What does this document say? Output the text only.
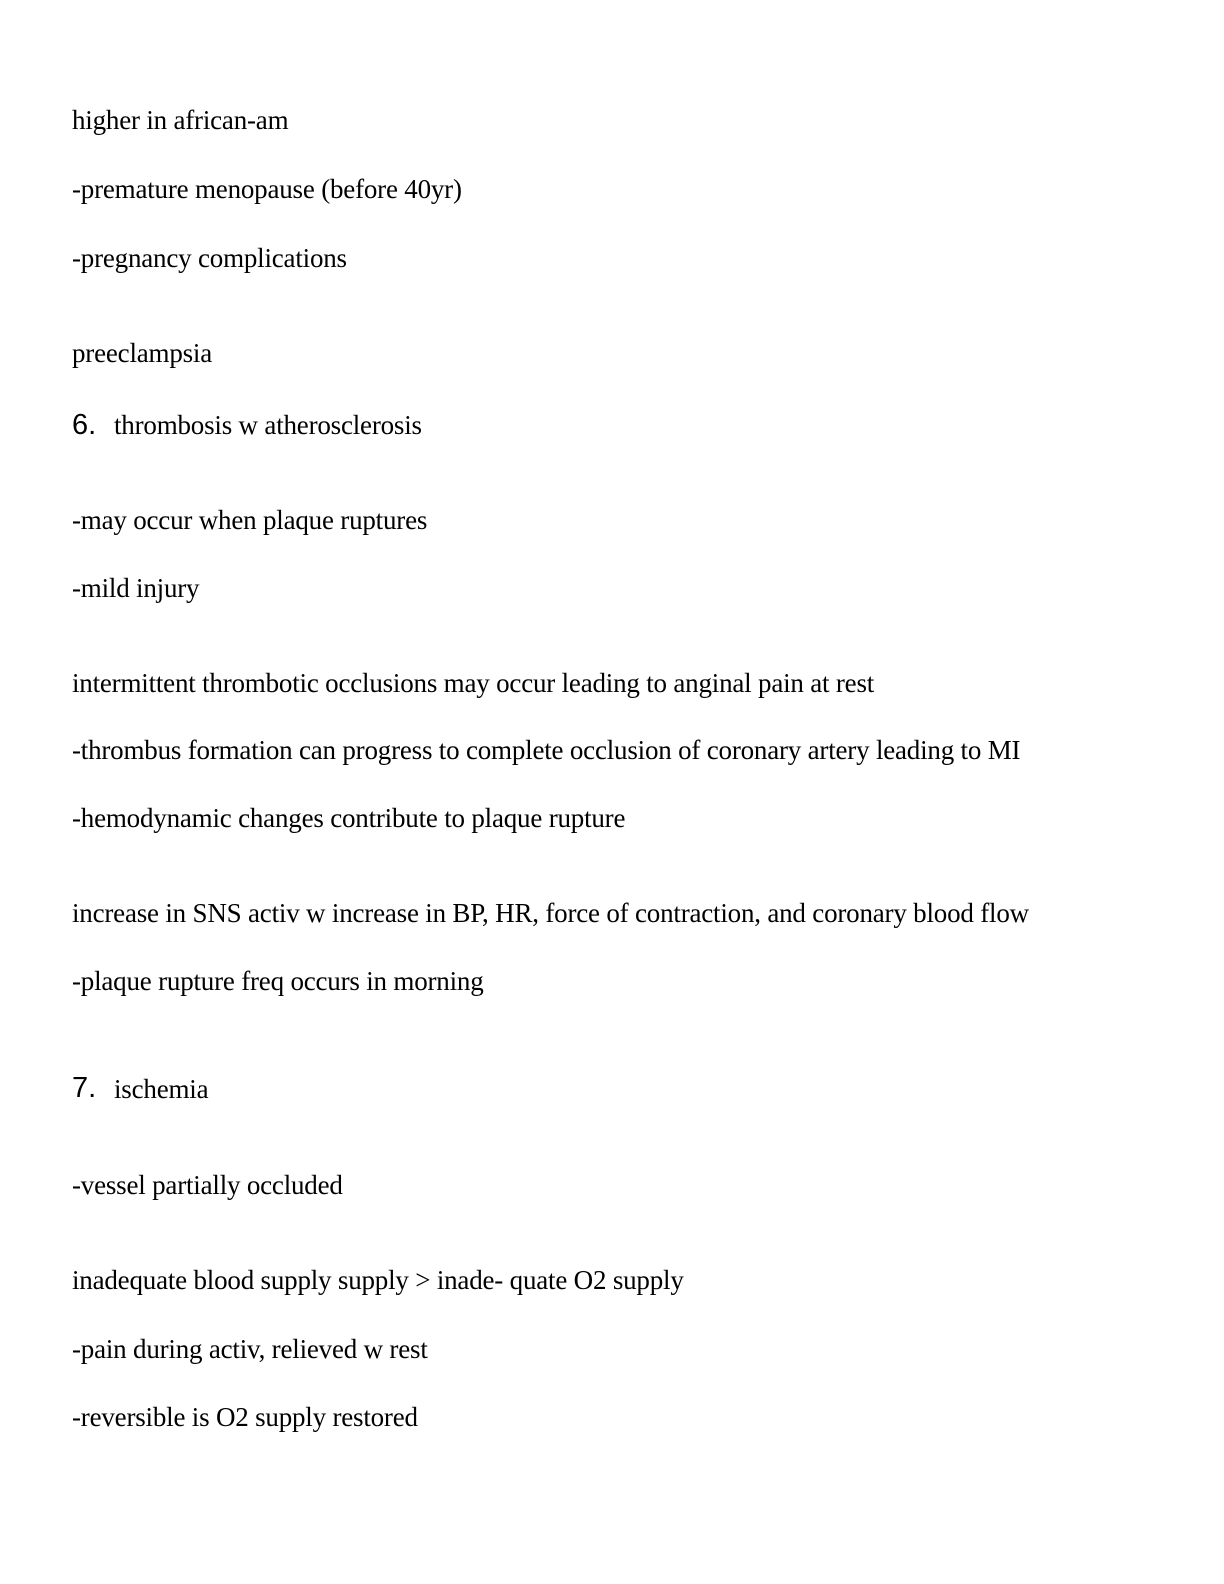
higher in african-am
-premature menopause (before 40yr)
-pregnancy complications
preeclampsia
6. thrombosis w atherosclerosis
-may occur when plaque ruptures
-mild injury
intermittent thrombotic occlusions may occur leading to anginal pain at rest
-thrombus formation can progress to complete occlusion of coronary artery leading to MI
-hemodynamic changes contribute to plaque rupture
increase in SNS activ w increase in BP, HR, force of contraction, and coronary blood flow
-plaque rupture freq occurs in morning
7. ischemia
-vessel partially occluded
inadequate blood supply supply > inade- quate O2 supply
-pain during activ, relieved w rest
-reversible is O2 supply restored
